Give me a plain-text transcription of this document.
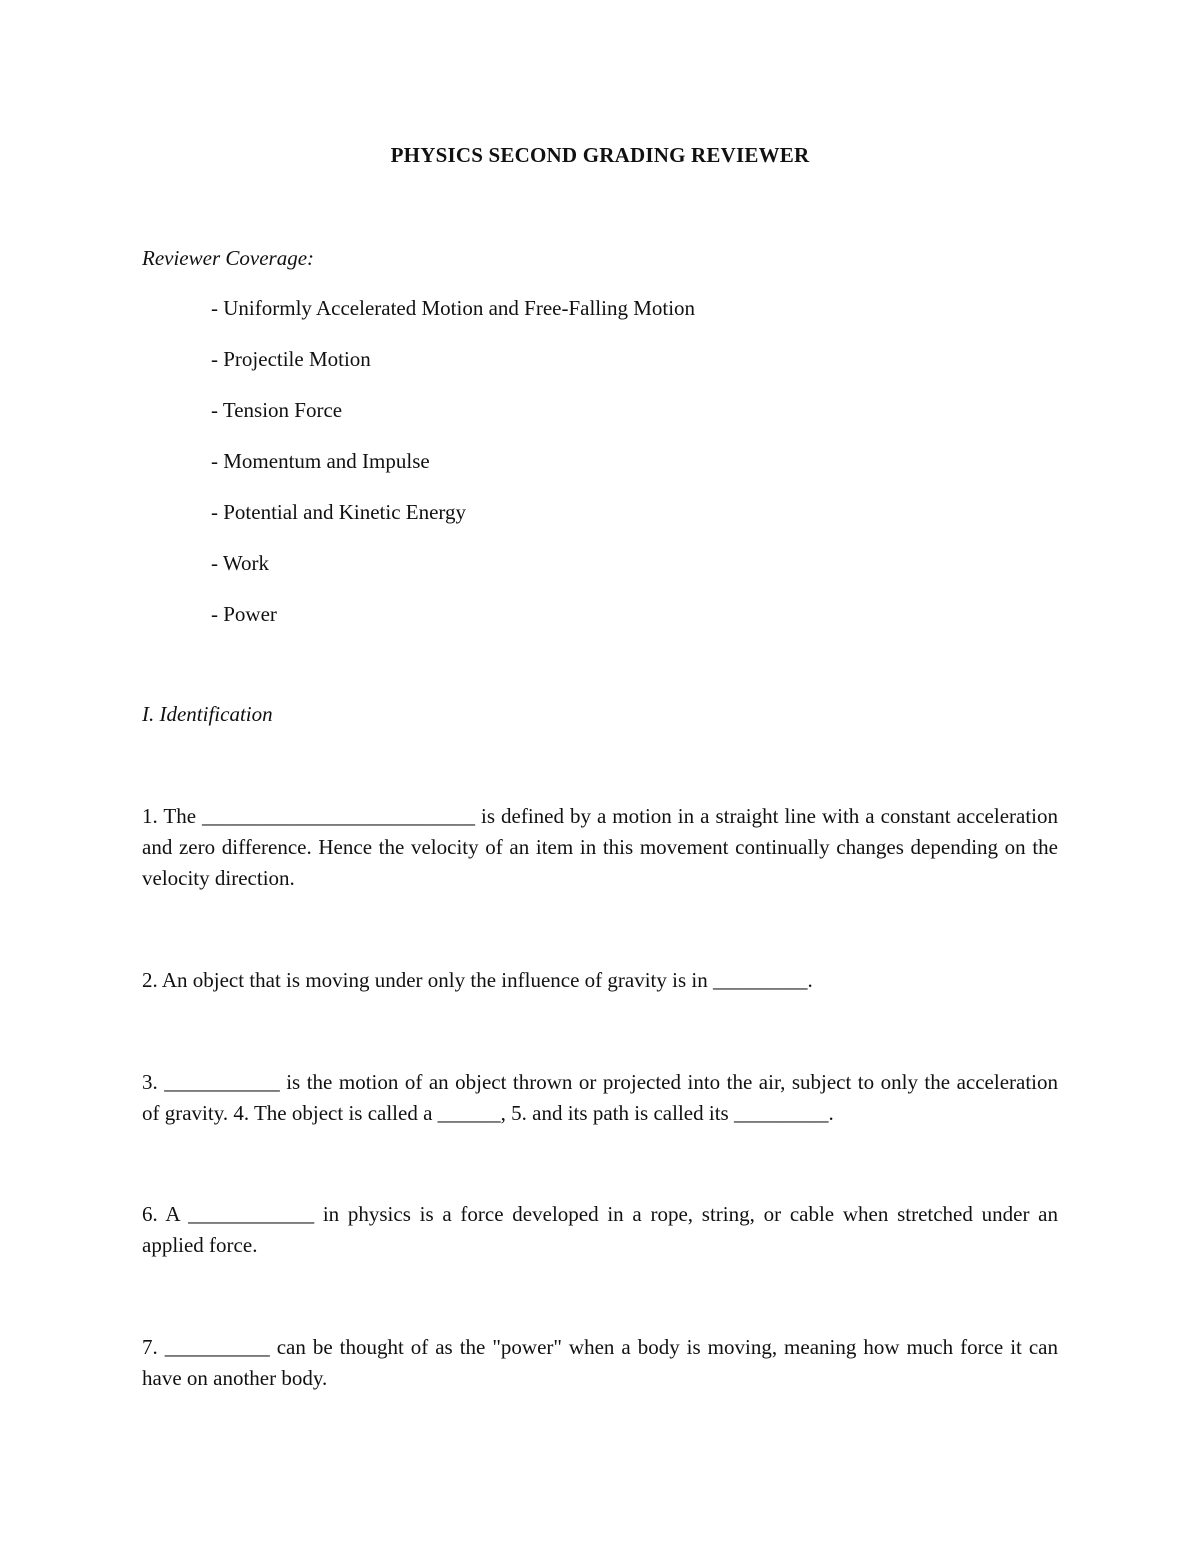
PHYSICS SECOND GRADING REVIEWER
Reviewer Coverage:
- Uniformly Accelerated Motion and Free-Falling Motion
- Projectile Motion
- Tension Force
- Momentum and Impulse
- Potential and Kinetic Energy
- Work
- Power
I. Identification

1. The __________________________ is defined by a motion in a straight line with a constant acceleration and zero difference. Hence the velocity of an item in this movement continually changes depending on the velocity direction.

2. An object that is moving under only the influence of gravity is in _________.

3. ___________ is the motion of an object thrown or projected into the air, subject to only the acceleration of gravity. 4. The object is called a ______, 5. and its path is called its _________.

6. A ____________ in physics is a force developed in a rope, string, or cable when stretched under an applied force.

7. __________ can be thought of as the "power" when a body is moving, meaning how much force it can have on another body.
